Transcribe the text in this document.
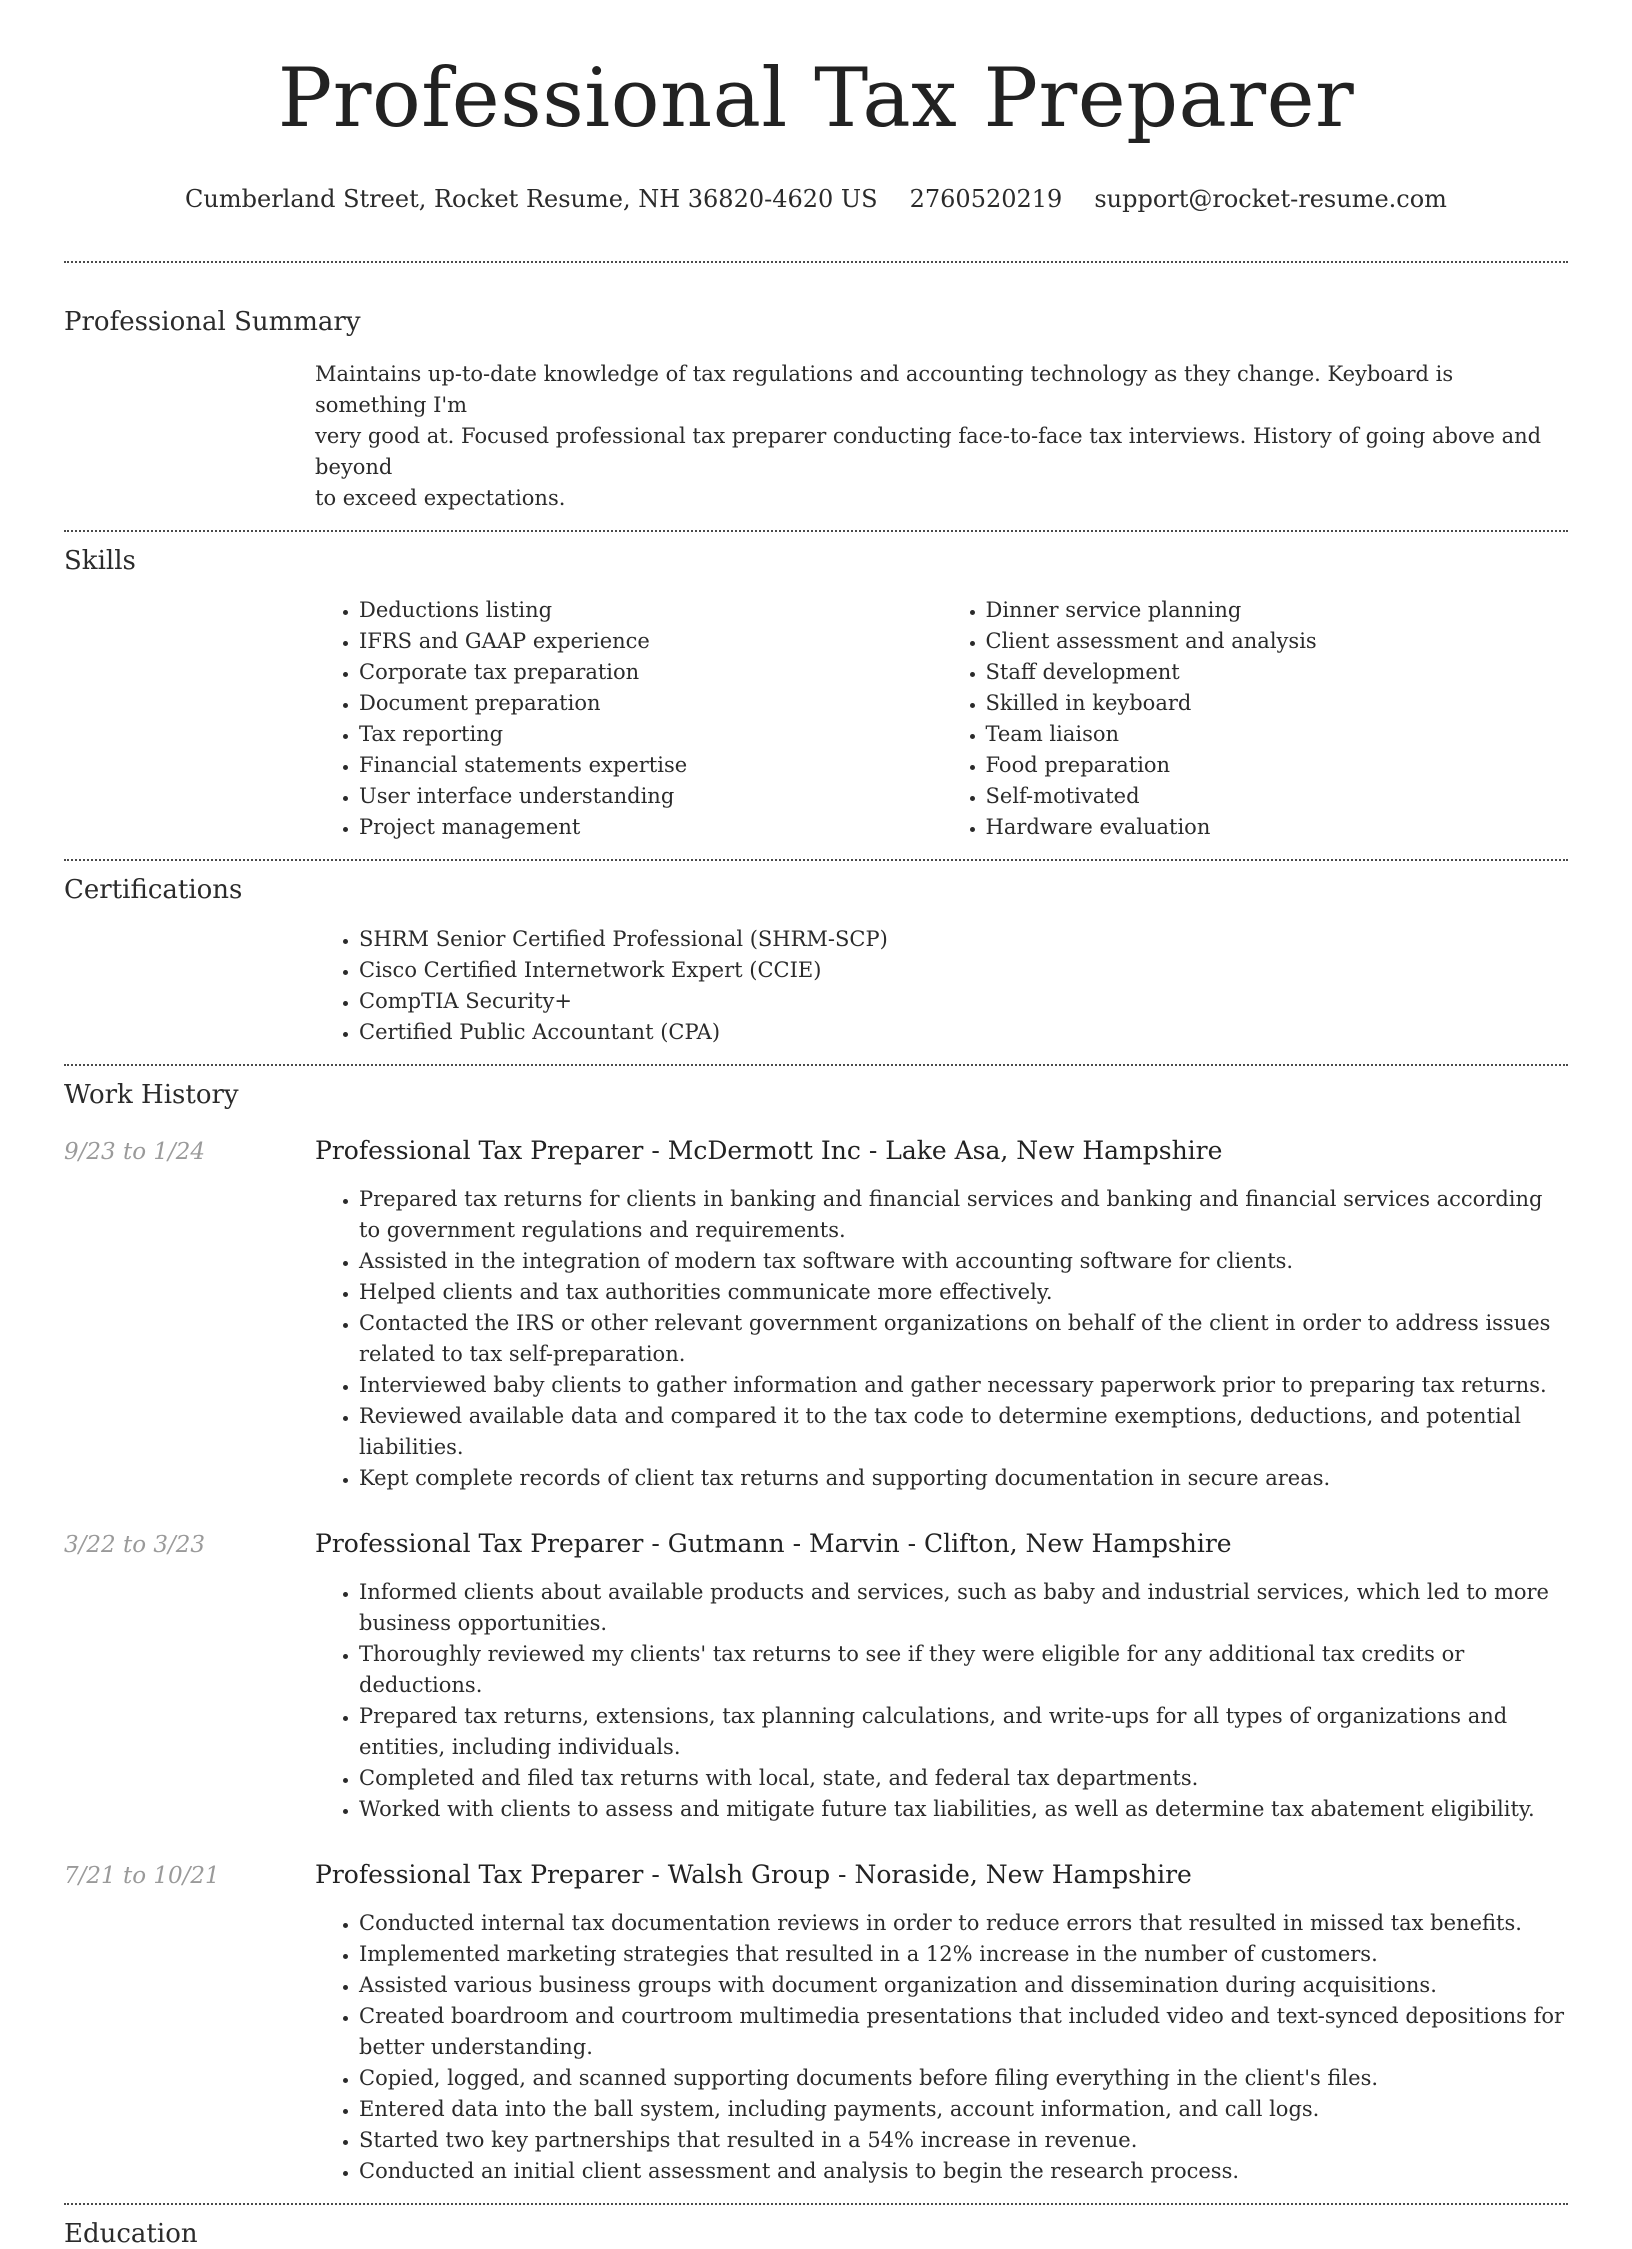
Professional Tax Preparer
Cumberland Street, Rocket Resume, NH 36820-4620 US 2760520219 support@rocket-resume.com
Professional Summary
Maintains up-to-date knowledge of tax regulations and accounting technology as they change. Keyboard is something I'm
very good at. Focused professional tax preparer conducting face-to-face tax interviews. History of going above and beyond
to exceed expectations.
Skills
• Deductions listing
• IFRS and GAAP experience
• Corporate tax preparation
• Document preparation
• Tax reporting
• Financial statements expertise
• User interface understanding
• Project management
• Dinner service planning
• Client assessment and analysis
• Staff development
• Skilled in keyboard
• Team liaison
• Food preparation
• Self-motivated
• Hardware evaluation
Certifications
• SHRM Senior Certified Professional (SHRM-SCP)
• Cisco Certified Internetwork Expert (CCIE)
• CompTIA Security+
• Certified Public Accountant (CPA)
Work History
9/23 to 1/24	Professional Tax Preparer - McDermott Inc - Lake Asa, New Hampshire
• Prepared tax returns for clients in banking and financial services and banking and financial services according to government regulations and requirements.
• Assisted in the integration of modern tax software with accounting software for clients.
• Helped clients and tax authorities communicate more effectively.
• Contacted the IRS or other relevant government organizations on behalf of the client in order to address issues related to tax self-preparation.
• Interviewed baby clients to gather information and gather necessary paperwork prior to preparing tax returns.
• Reviewed available data and compared it to the tax code to determine exemptions, deductions, and potential liabilities.
• Kept complete records of client tax returns and supporting documentation in secure areas.
3/22 to 3/23	Professional Tax Preparer - Gutmann - Marvin - Clifton, New Hampshire
• Informed clients about available products and services, such as baby and industrial services, which led to more business opportunities.
• Thoroughly reviewed my clients' tax returns to see if they were eligible for any additional tax credits or deductions.
• Prepared tax returns, extensions, tax planning calculations, and write-ups for all types of organizations and entities, including individuals.
• Completed and filed tax returns with local, state, and federal tax departments.
• Worked with clients to assess and mitigate future tax liabilities, as well as determine tax abatement eligibility.
7/21 to 10/21	Professional Tax Preparer - Walsh Group - Noraside, New Hampshire
• Conducted internal tax documentation reviews in order to reduce errors that resulted in missed tax benefits.
• Implemented marketing strategies that resulted in a 12% increase in the number of customers.
• Assisted various business groups with document organization and dissemination during acquisitions.
• Created boardroom and courtroom multimedia presentations that included video and text-synced depositions for better understanding.
• Copied, logged, and scanned supporting documents before filing everything in the client's files.
• Entered data into the ball system, including payments, account information, and call logs.
• Started two key partnerships that resulted in a 54% increase in revenue.
• Conducted an initial client assessment and analysis to begin the research process.
Education
